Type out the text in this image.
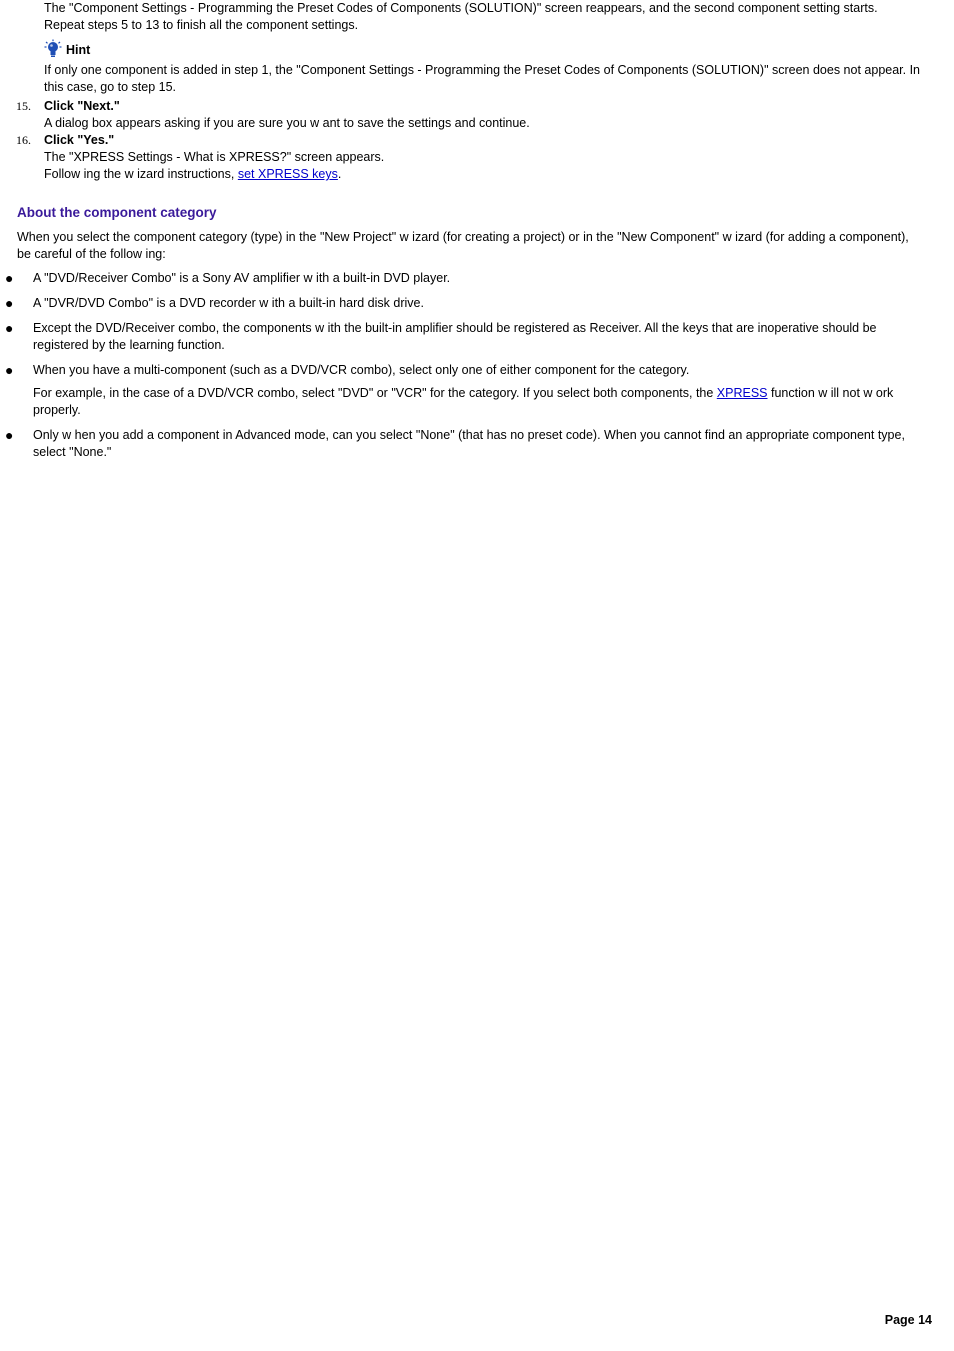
The "Component Settings - Programming the Preset Codes of Components (SOLUTION)" screen reappears, and the second component setting starts.

Repeat steps 5 to 13 to finish all the component settings.

Hint

If only one component is added in step 1, the "Component Settings - Programming the Preset Codes of Components (SOLUTION)" screen does not appear. In this case, go to step 15.

15. Click "Next."

A dialog box appears asking if you are sure you w ant to save the settings and continue.

16. Click "Yes."

The "XPRESS Settings - What is XPRESS?" screen appears.

Follow ing the w izard instructions, set XPRESS keys.

About the component category

When you select the component category (type) in the "New Project" w izard (for creating a project) or in the "New Component" w izard (for adding a component), be careful of the follow ing:

● A "DVD/Receiver Combo" is a Sony AV amplifier w ith a built-in DVD player.

● A "DVR/DVD Combo" is a DVD recorder w ith a built-in hard disk drive.

● Except the DVD/Receiver combo, the components w ith the built-in amplifier should be registered as Receiver. All the keys that are inoperative should be registered by the learning function.

● When you have a multi-component (such as a DVD/VCR combo), select only one of either component for the category.

For example, in the case of a DVD/VCR combo, select "DVD" or "VCR" for the category. If you select both components, the XPRESS function w ill not w ork properly.

● Only w hen you add a component in Advanced mode, can you select "None" (that has no preset code). When you cannot find an appropriate component type, select "None."

Page 14
